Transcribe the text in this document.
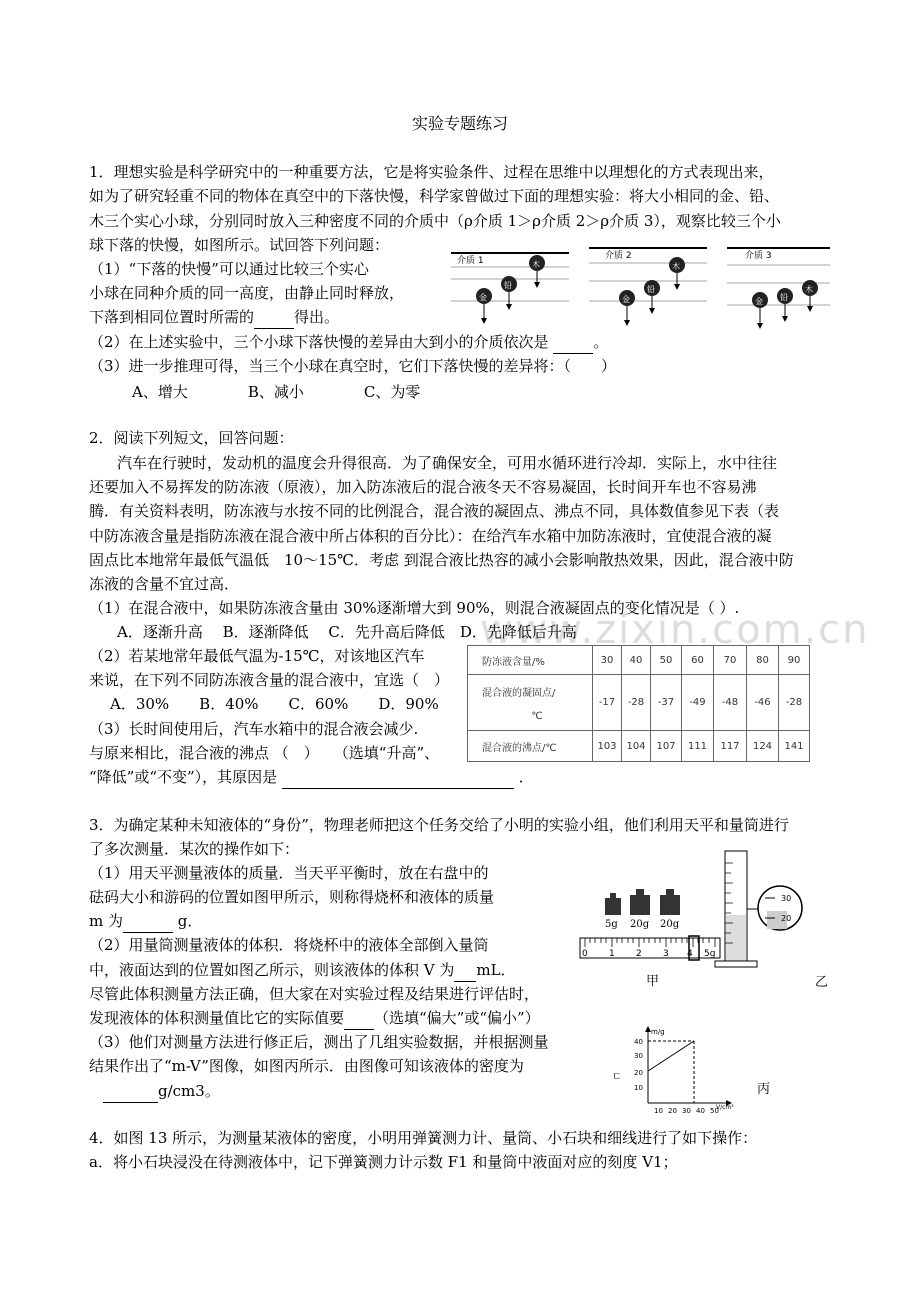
www.zixin.com.cn
实验专题练习
1．理想实验是科学研究中的一种重要方法，它是将实验条件、过程在思维中以理想化的方式表现出来，
如为了研究轻重不同的物体在真空中的下落快慢，科学家曾做过下面的理想实验：将大小相同的金、铅、
木三个实心小球，分别同时放入三种密度不同的介质中（ρ介质 1＞ρ介质 2＞ρ介质 3），观察比较三个小
球下落的快慢，如图所示。试回答下列问题：
（1）“下落的快慢”可以通过比较三个实心
小球在同种介质的同一高度，由静止同时释放，
下落到相同位置时所需的	得出。
（2）在上述实验中，三个小球下落快慢的差异由大到小的介质依次是	。
（3）进一步推理可得，当三个小球在真空时，它们下落快慢的差异将：（　　）
A、增大　　　　B、减小　　　　C、为零
介质 1
金
铅
木
介质 2
金
铅
木
介质 3
金 铅
木
2．阅读下列短文，回答问题：
汽车在行驶时，发动机的温度会升得很高．为了确保安全，可用水循环进行冷却．实际上，水中往往
还要加入不易挥发的防冻液（原液），加入防冻液后的混合液冬天不容易凝固，长时间开车也不容易沸
腾．有关资料表明，防冻液与水按不同的比例混合，混合液的凝固点、沸点不同，具体数值参见下表（表
中防冻液含量是指防冻液在混合液中所占体积的百分比）：在给汽车水箱中加防冻液时，宜使混合液的凝
固点比本地常年最低气温低　10～15℃．考虑 到混合液比热容的减小会影响散热效果，因此，混合液中防
冻液的含量不宜过高．
（1）在混合液中，如果防冻液含量由 30%逐渐增大到 90%，则混合液凝固点的变化情况是（ ）.
A．逐渐升高　 B．逐渐降低　 C．先升高后降低　D．先降低后升高
（2）若某地常年最低气温为-15℃，对该地区汽车
来说，在下列不同防冻液含量的混合液中，宜选（　）
A．30%　　B．40%　　C．60%　　D．90%
（3）长时间使用后，汽车水箱中的混合液会减少.
与原来相比，混合液的沸点 （　）　　（选填“升高”、
“降低”或“不变”），其原因是	．
防冻液含量/%	30	40	50	60	70	80	90

混合液的凝固点/
℃	-17	-28	-37	-49	-48	-46	-28
混合液的沸点/℃	103	104	107	111	117	124	141
3．为确定某种未知液体的“身份”，物理老师把这个任务交给了小明的实验小组，他们利用天平和量筒进行
了多次测量．某次的操作如下：
（1）用天平测量液体的质量．当天平平衡时，放在右盘中的
砝码大小和游码的位置如图甲所示，则称得烧杯和液体的质量
m 为	g．
（2）用量筒测量液体的体积．将烧杯中的液体全部倒入量筒
中，液面达到的位置如图乙所示，则该液体的体积 V 为 mL．
尽管此体积测量方法正确，但大家在对实验过程及结果进行评估时，
发现液体的体积测量值比它的实际值要 （选填“偏大”或“偏小”）
（3）他们对测量方法进行修正后，测出了几组实验数据，并根据测量
结果作出了“m-V”图像，如图丙所示．由图像可知该液体的密度为
g/cm3。
5g 20g 20g
0 1 2 3 4 5g
甲
30
20
乙
ㄷ
m/g
40
30
20
10
10 20 30 40 50
V/cm³
丙
4．如图 13 所示，为测量某液体的密度，小明用弹簧测力计、量筒、小石块和细线进行了如下操作：
a．将小石块浸没在待测液体中，记下弹簧测力计示数 F1 和量筒中液面对应的刻度 V1；
